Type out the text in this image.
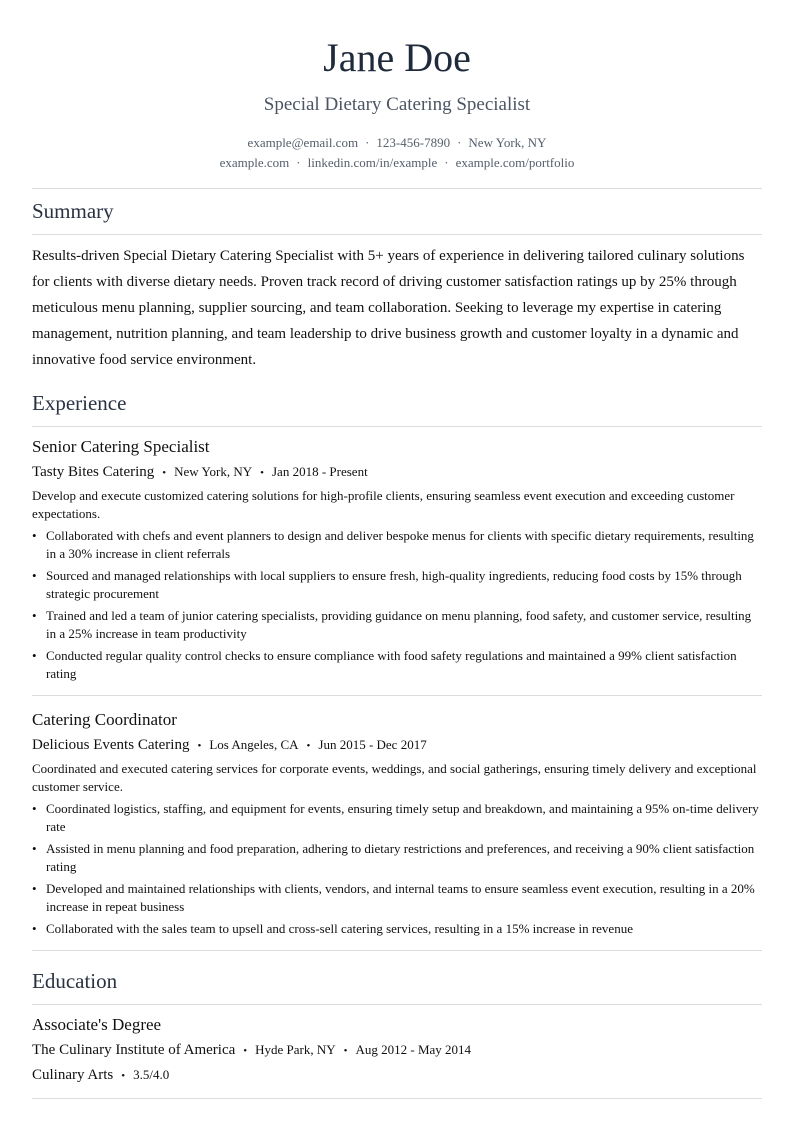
Jane Doe
Special Dietary Catering Specialist
example@email.com · 123-456-7890 · New York, NY
example.com · linkedin.com/in/example · example.com/portfolio
Summary
Results-driven Special Dietary Catering Specialist with 5+ years of experience in delivering tailored culinary solutions for clients with diverse dietary needs. Proven track record of driving customer satisfaction ratings up by 25% through meticulous menu planning, supplier sourcing, and team collaboration. Seeking to leverage my expertise in catering management, nutrition planning, and team leadership to drive business growth and customer loyalty in a dynamic and innovative food service environment.
Experience
Senior Catering Specialist
Tasty Bites Catering • New York, NY • Jan 2018 - Present
Develop and execute customized catering solutions for high-profile clients, ensuring seamless event execution and exceeding customer expectations.
• Collaborated with chefs and event planners to design and deliver bespoke menus for clients with specific dietary requirements, resulting in a 30% increase in client referrals
• Sourced and managed relationships with local suppliers to ensure fresh, high-quality ingredients, reducing food costs by 15% through strategic procurement
• Trained and led a team of junior catering specialists, providing guidance on menu planning, food safety, and customer service, resulting in a 25% increase in team productivity
• Conducted regular quality control checks to ensure compliance with food safety regulations and maintained a 99% client satisfaction rating
Catering Coordinator
Delicious Events Catering • Los Angeles, CA • Jun 2015 - Dec 2017
Coordinated and executed catering services for corporate events, weddings, and social gatherings, ensuring timely delivery and exceptional customer service.
• Coordinated logistics, staffing, and equipment for events, ensuring timely setup and breakdown, and maintaining a 95% on-time delivery rate
• Assisted in menu planning and food preparation, adhering to dietary restrictions and preferences, and receiving a 90% client satisfaction rating
• Developed and maintained relationships with clients, vendors, and internal teams to ensure seamless event execution, resulting in a 20% increase in repeat business
• Collaborated with the sales team to upsell and cross-sell catering services, resulting in a 15% increase in revenue
Education
Associate's Degree
The Culinary Institute of America • Hyde Park, NY • Aug 2012 - May 2014
Culinary Arts • 3.5/4.0
